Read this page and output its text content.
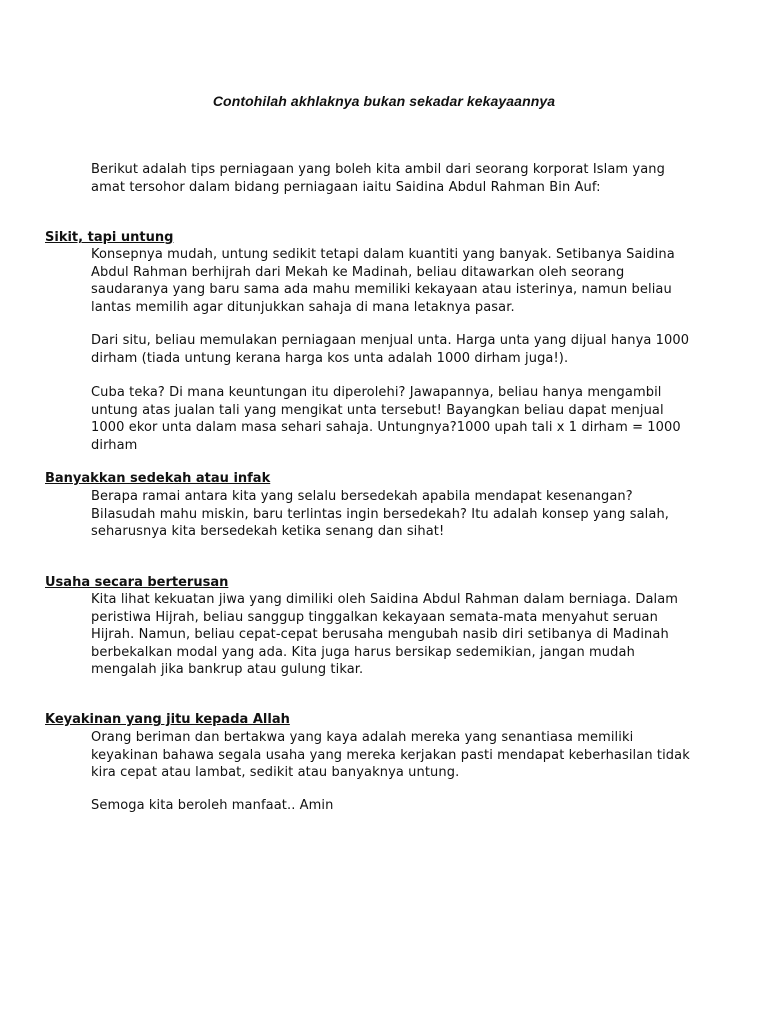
Contohilah akhlaknya bukan sekadar kekayaannya

Berikut adalah tips perniagaan yang boleh kita ambil dari seorang korporat Islam yang amat tersohor dalam bidang perniagaan iaitu Saidina Abdul Rahman Bin Auf:

Sikit, tapi untung

Konsepnya mudah, untung sedikit tetapi dalam kuantiti yang banyak. Setibanya Saidina Abdul Rahman berhijrah dari Mekah ke Madinah, beliau ditawarkan oleh seorang saudaranya yang baru sama ada mahu memiliki kekayaan atau isterinya, namun beliau lantas memilih agar ditunjukkan sahaja di mana letaknya pasar.

Dari situ, beliau memulakan perniagaan menjual unta. Harga unta yang dijual hanya 1000 dirham (tiada untung kerana harga kos unta adalah 1000 dirham juga!).

Cuba teka? Di mana keuntungan itu diperolehi? Jawapannya, beliau hanya mengambil untung atas jualan tali yang mengikat unta tersebut! Bayangkan beliau dapat menjual 1000 ekor unta dalam masa sehari sahaja. Untungnya?1000 upah tali x 1 dirham = 1000 dirham

Banyakkan sedekah atau infak

Berapa ramai antara kita yang selalu bersedekah apabila mendapat kesenangan? Bilasudah mahu miskin, baru terlintas ingin bersedekah? Itu adalah konsep yang salah, seharusnya kita bersedekah ketika senang dan sihat!

Usaha secara berterusan

Kita lihat kekuatan jiwa yang dimiliki oleh Saidina Abdul Rahman dalam berniaga. Dalam peristiwa Hijrah, beliau sanggup tinggalkan kekayaan semata-mata menyahut seruan Hijrah. Namun, beliau cepat-cepat berusaha mengubah nasib diri setibanya di Madinah berbekalkan modal yang ada. Kita juga harus bersikap sedemikian, jangan mudah mengalah jika bankrup atau gulung tikar.

Keyakinan yang jitu kepada Allah

Orang beriman dan bertakwa yang kaya adalah mereka yang senantiasa memiliki keyakinan bahawa segala usaha yang mereka kerjakan pasti mendapat keberhasilan tidak kira cepat atau lambat, sedikit atau banyaknya untung.

Semoga kita beroleh manfaat.. Amin
